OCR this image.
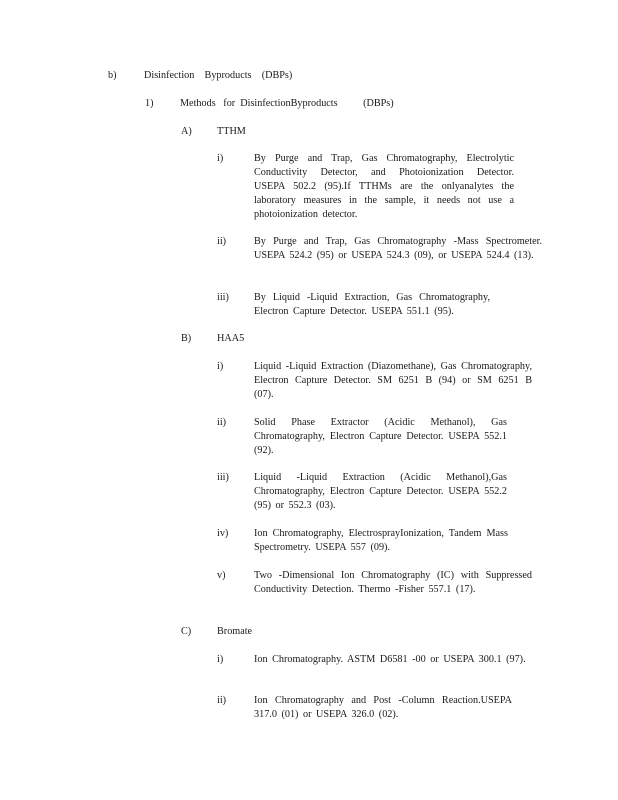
b)	Disinfection    Byproducts    (DBPs)
1)	Methods   for  DisinfectionByproducts          (DBPs)
A)	TTHM
i)	By Purge and Trap, Gas Chromatography, Electrolytic Conductivity Detector, and Photoionization Detector. USEPA 502.2 (95).If TTHMs are the onlyanalytes the laboratory measures in the sample, it needs not use a photoionization detector.
ii)	By Purge and Trap, Gas Chromatography -Mass Spectrometer. USEPA 524.2 (95) or USEPA 524.3 (09), or USEPA 524.4 (13).
iii)	By Liquid -Liquid Extraction, Gas Chromatography, Electron Capture Detector. USEPA 551.1 (95).
B)	HAA5
i)	Liquid -Liquid Extraction (Diazomethane), Gas Chromatography, Electron Capture Detector. SM 6251 B (94) or SM 6251 B (07).
ii)	Solid Phase Extractor (Acidic Methanol), Gas Chromatography, Electron Capture Detector. USEPA 552.1 (92).
iii)	Liquid -Liquid Extraction (Acidic Methanol),Gas Chromatography, Electron Capture Detector. USEPA 552.2 (95) or 552.3 (03).
iv)	Ion Chromatography, ElectrosprayIonization, Tandem Mass Spectrometry. USEPA 557 (09).
v)	Two -Dimensional Ion Chromatography (IC) with Suppressed Conductivity Detection. Thermo -Fisher 557.1 (17).
C)	Bromate
i)	Ion Chromatography. ASTM D6581 -00 or USEPA 300.1 (97).
ii)	Ion Chromatography and Post -Column Reaction.USEPA 317.0 (01) or USEPA 326.0 (02).
